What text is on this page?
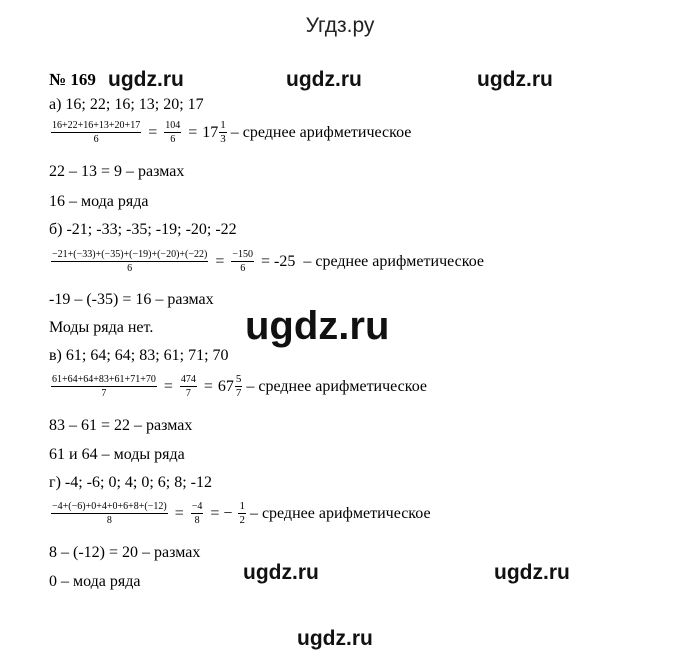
Угдз.ру
ugdz.ru	ugdz.ru	ugdz.ru
ugdz.ru
ugdz.ru	ugdz.ru
ugdz.ru
№ 169
а) 16; 22; 16; 13; 20; 17
$\frac{16+22+16+13+20+17}{6} = \frac{104}{6} = 17 \frac{1}{3}$ – среднее арифметическое
22 – 13 = 9 – размах
16 – мода ряда
б) -21; -33; -35; -19; -20; -22
$\frac{-21+(-33)+(-35)+(-19)+(-20)+(-22)}{6} = \frac{-150}{6} = -25$ – среднее арифметическое
-19 – (-35) = 16 – размах
Моды ряда нет.
в) 61; 64; 64; 83; 61; 71; 70
$\frac{61+64+64+83+61+71+70}{7} = \frac{474}{7} = 67 \frac{5}{7}$ – среднее арифметическое
83 – 61 = 22 – размах
61 и 64 – моды ряда
г) -4; -6; 0; 4; 0; 6; 8; -12
$\frac{-4+(-6)+0+4+0+6+8+(-12)}{8} = \frac{-4}{8}$ = − $\frac{1}{2}$ – среднее арифметическое
8 – (-12) = 20 – размах
0 – мода ряда
